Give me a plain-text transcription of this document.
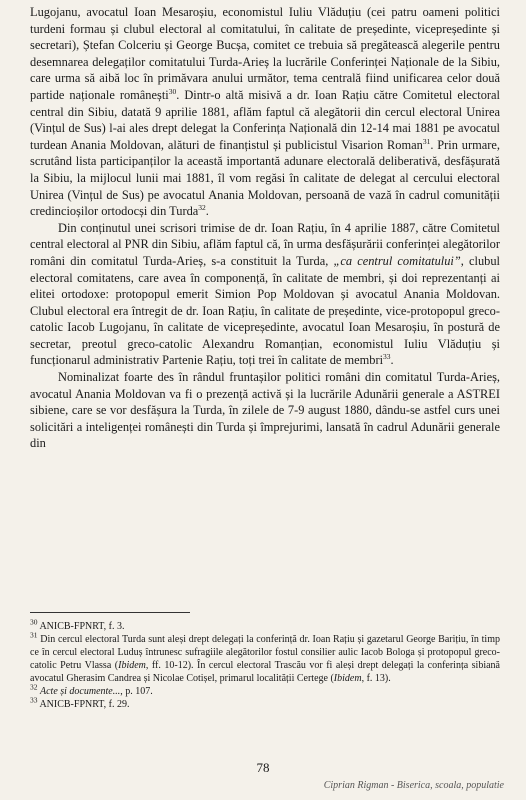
Lugojanu, avocatul Ioan Mesaroșiu, economistul Iuliu Vlăduțiu (cei patru oameni politici turdeni formau și clubul electoral al comitatului, în calitate de președinte, vicepreședinte și secretari), Ștefan Colceriu și George Bucșa, comitet ce trebuia să pregătească alegerile pentru desemnarea delegaților comitatului Turda-Arieș la lucrările Conferinței Naționale de la Sibiu, care urma să aibă loc în primăvara anului următor, tema centrală fiind unificarea celor două partide naționale românești$^{30}$. Dintr-o altă misivă a dr. Ioan Rațiu către Comitetul electoral central din Sibiu, datată 9 aprilie 1881, aflăm faptul că alegătorii din cercul electoral Unirea (Vințul de Sus) l-ai ales drept delegat la Conferința Națională din 12-14 mai 1881 pe avocatul turdean Anania Moldovan, alături de finanțistul și publicistul Visarion Roman$^{31}$. Prin urmare, scrutând lista participanților la această importantă adunare electorală deliberativă, desfășurată la Sibiu, la mijlocul lunii mai 1881, îl vom regăsi în calitate de delegat al cercului electoral Unirea (Vințul de Sus) pe avocatul Anania Moldovan, persoană de vază în cadrul comunității credincioșilor ortodocși din Turda$^{32}$.

Din conținutul unei scrisori trimise de dr. Ioan Rațiu, în 4 aprilie 1887, către Comitetul central electoral al PNR din Sibiu, aflăm faptul că, în urma desfășurării conferinței alegătorilor români din comitatul Turda-Arieș, s-a constituit la Turda, „ca centrul comitatului”, clubul electoral comitatens, care avea în componență, în calitate de membri, și doi reprezentanți ai elitei ortodoxe: protopopul emerit Simion Pop Moldovan și avocatul Anania Moldovan. Clubul electoral era întregit de dr. Ioan Rațiu, în calitate de președinte, vice-protopopul greco-catolic Iacob Lugojanu, în calitate de vicepreședinte, avocatul Ioan Mesaroșiu, în postură de secretar, preotul greco-catolic Alexandru Romanțian, economistul Iuliu Vlăduțiu și funcționarul administrativ Partenie Rațiu, toți trei în calitate de membri$^{33}$.

Nominalizat foarte des în rândul fruntașilor politici români din comitatul Turda-Arieș, avocatul Anania Moldovan va fi o prezență activă și la lucrările Adunării generale a ASTREI sibiene, care se vor desfășura la Turda, în zilele de 7-9 august 1880, dându-se astfel curs unei solicitări a inteligenței românești din Turda și împrejurimi, lansată în cadrul Adunării generale din

$^{30}$ ANICB-FPNRT, f. 3.

$^{31}$ Din cercul electoral Turda sunt aleși drept delegați la conferință dr. Ioan Rațiu și gazetarul George Barițiu, în timp ce în cercul electoral Luduș întrunesc sufragiile alegătorilor fostul consilier aulic Iacob Bologa și protopopul greco-catolic Petru Vlassa (Ibidem, ff. 10-12). În cercul electoral Trascău vor fi aleși drept delegați la conferința sibiană avocatul Gherasim Candrea și Nicolae Cotișel, primarul localității Certege (Ibidem, f. 13).

$^{32}$ Acte și documente..., p. 107.

$^{33}$ ANICB-FPNRT, f. 29.

78
Ciprian Rigman - Biserica, scoala, populatie
